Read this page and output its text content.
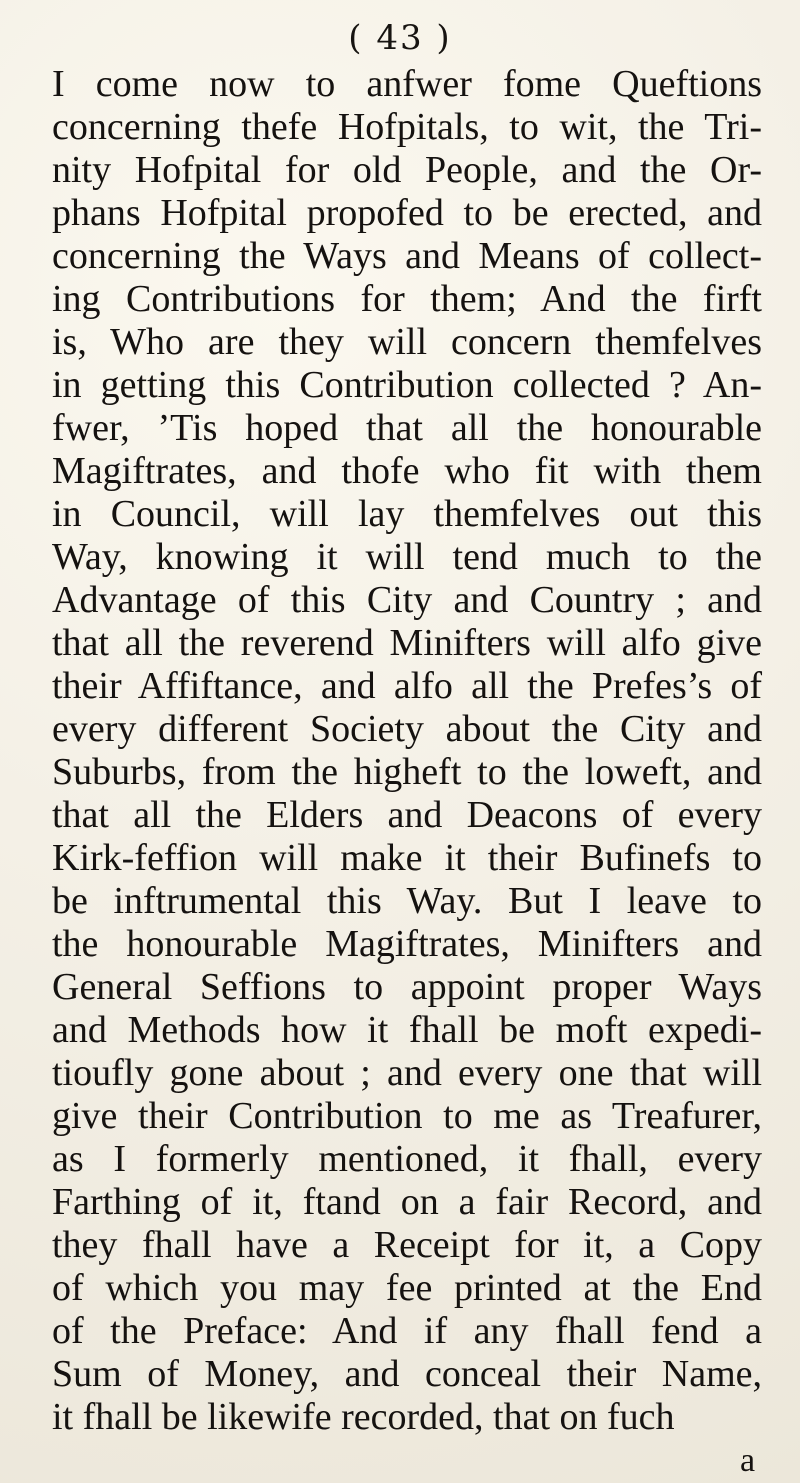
( 43 )
I come now to anfwer fome Queftions
concerning thefe Hofpitals, to wit, the Tri-
nity Hofpital for old People, and the Or-
phans Hofpital propofed to be erected, and
concerning the Ways and Means of collect-
ing Contributions for them; And the firft
is, Who are they will concern themfelves
in getting this Contribution collected ? An-
fwer, ’Tis hoped that all the honourable
Magiftrates, and thofe who fit with them
in Council, will lay themfelves out this
Way, knowing it will tend much to the
Advantage of this City and Country ; and
that all the reverend Minifters will alfo give
their Affiftance, and alfo all the Prefes’s of
every different Society about the City and
Suburbs, from the higheft to the loweft, and
that all the Elders and Deacons of every
Kirk-feffion will make it their Bufinefs to
be inftrumental this Way. But I leave to
the honourable Magiftrates, Minifters and
General Seffions to appoint proper Ways
and Methods how it fhall be moft expedi-
tioufly gone about ; and every one that will
give their Contribution to me as Treafurer,
as I formerly mentioned, it fhall, every
Farthing of it, ftand on a fair Record, and
they fhall have a Receipt for it, a Copy
of which you may fee printed at the End
of the Preface: And if any fhall fend a
Sum of Money, and conceal their Name,
it fhall be likewife recorded, that on fuch
a
